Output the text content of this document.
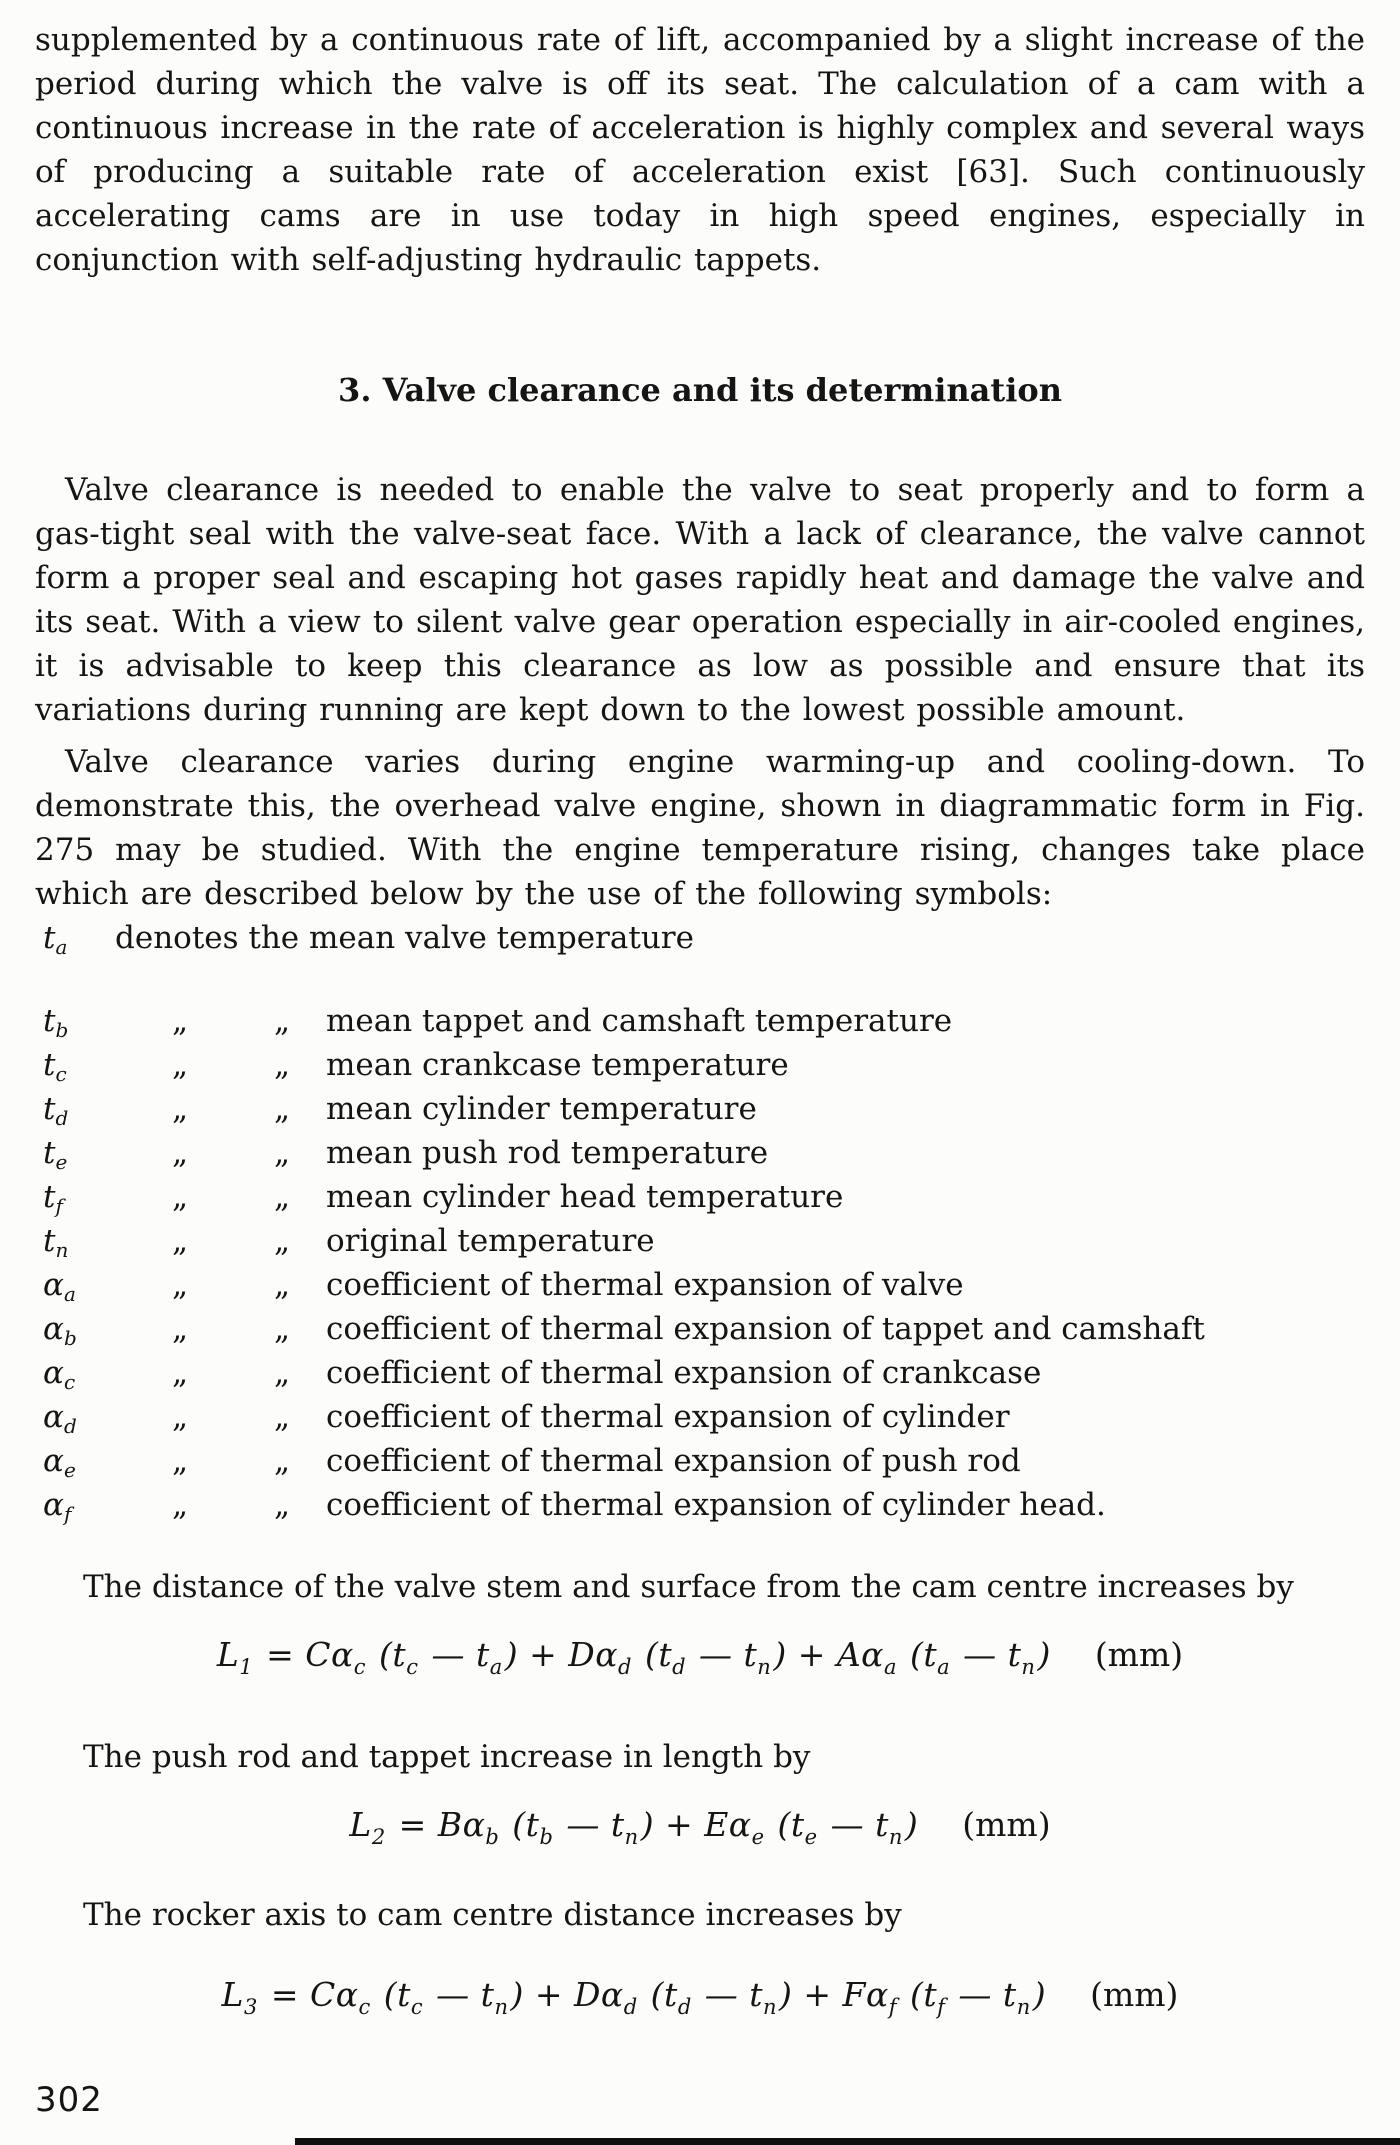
supplemented by a continuous rate of lift, accompanied by a slight increase of the period during which the valve is off its seat. The calculation of a cam with a continuous increase in the rate of acceleration is highly complex and several ways of producing a suitable rate of acceleration exist [63]. Such continuously accelerating cams are in use today in high speed engines, especially in conjunction with self-adjusting hydraulic tappets.

3. Valve clearance and its determination

Valve clearance is needed to enable the valve to seat properly and to form a gas-tight seal with the valve-seat face. With a lack of clearance, the valve cannot form a proper seal and escaping hot gases rapidly heat and damage the valve and its seat. With a view to silent valve gear operation especially in air-cooled engines, it is advisable to keep this clearance as low as possible and ensure that its variations during running are kept down to the lowest possible amount.

Valve clearance varies during engine warming-up and cooling-down. To demonstrate this, the overhead valve engine, shown in diagrammatic form in Fig. 275 may be studied. With the engine temperature rising, changes take place which are described below by the use of the following symbols:

ta	denotes the mean valve temperature
tb	„	„	mean tappet and camshaft temperature
tc	„	„	mean crankcase temperature
td	„	„	mean cylinder temperature
te	„	„	mean push rod temperature
tf	„	„	mean cylinder head temperature
tn	„	„	original temperature
αa	„	„	coefficient of thermal expansion of valve
αb	„	„	coefficient of thermal expansion of tappet and camshaft
αc	„	„	coefficient of thermal expansion of crankcase
αd	„	„	coefficient of thermal expansion of cylinder
αe	„	„	coefficient of thermal expansion of push rod
αf	„	„	coefficient of thermal expansion of cylinder head.

The distance of the valve stem and surface from the cam centre increases by

$L_1 = C\alpha_c$ ($t_c$ — $t_a) + D\alpha_d$ ($t_d$ — $t_n) + A\alpha_a$ ($t_a$ — $t_n$) (mm)

The push rod and tappet increase in length by

$L_2 = B\alpha_b$ ($t_b$ — $t_n) + E\alpha_e$ ($t_e$ — $t_n$) (mm)

The rocker axis to cam centre distance increases by

$L_3 = C\alpha_c$ ($t_c$ — $t_n) + D\alpha_d$ ($t_d$ — $t_n) + F\alpha_f$ ($t_f$ — $t_n$) (mm)
302
